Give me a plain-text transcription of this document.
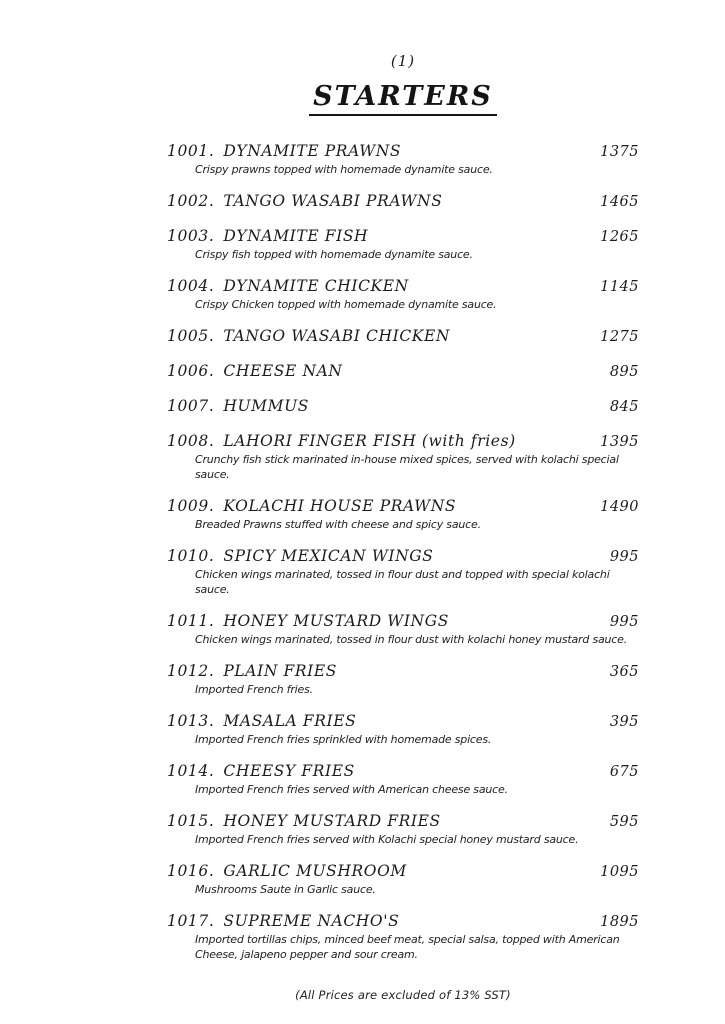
(1)
STARTERS
1001. DYNAMITE PRAWNS	1375
Crispy prawns topped with homemade dynamite sauce.
1002. TANGO WASABI PRAWNS	1465
1003. DYNAMITE FISH	1265
Crispy fish topped with homemade dynamite sauce.
1004. DYNAMITE CHICKEN	1145
Crispy Chicken topped with homemade dynamite sauce.
1005. TANGO WASABI CHICKEN	1275
1006. CHEESE NAN	895
1007. HUMMUS	845
1008. LAHORI FINGER FISH (with fries)	1395
Crunchy fish stick marinated in-house mixed spices, served with kolachi special sauce.
1009. KOLACHI HOUSE PRAWNS	1490
Breaded Prawns stuffed with cheese and spicy sauce.
1010. SPICY MEXICAN WINGS	995
Chicken wings marinated, tossed in flour dust and topped with special kolachi sauce.
1011. HONEY MUSTARD WINGS	995
Chicken wings marinated, tossed in flour dust with kolachi honey mustard sauce.
1012. PLAIN FRIES	365
Imported French fries.
1013. MASALA FRIES	395
Imported French fries sprinkled with homemade spices.
1014. CHEESY FRIES	675
Imported French fries served with American cheese sauce.
1015. HONEY MUSTARD FRIES	595
Imported French fries served with Kolachi special honey mustard sauce.
1016. GARLIC MUSHROOM	1095
Mushrooms Saute in Garlic sauce.
1017. SUPREME NACHO'S	1895
Imported tortillas chips, minced beef meat, special salsa, topped with American Cheese, jalapeno pepper and sour cream.
(All Prices are excluded of 13% SST)
